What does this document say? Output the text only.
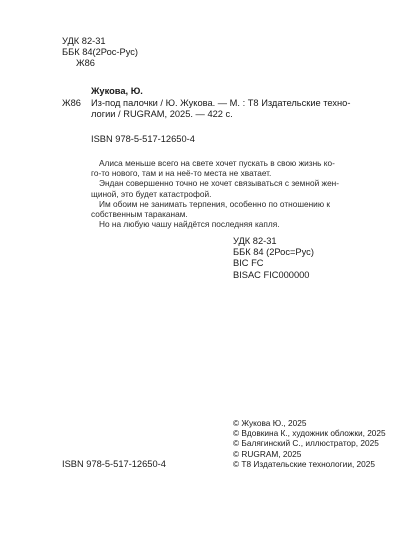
УДК 82-31
ББК 84(2Рос-Рус)
Ж86
Жукова, Ю.
Ж86 Из-под палочки / Ю. Жукова. — М. : Т8 Издательские техно-
логии / RUGRAM, 2025. — 422 с.
ISBN 978-5-517-12650-4
Алиса меньше всего на свете хочет пускать в свою жизнь ко-
го-то нового, там и на неё-то места не хватает.
Эндан совершенно точно не хочет связываться с земной жен-
щиной, это будет катастрофой.
Им обоим не занимать терпения, особенно по отношению к
собственным тараканам.
Но на любую чашу найдётся последняя капля.
УДК 82-31
ББК 84 (2Рос=Рус)
BIC FC
BISAC FIC000000
© Жукова Ю., 2025
© Вдовкина К., художник обложки, 2025
© Балягинский С., иллюстратор, 2025
© RUGRAM, 2025
© Т8 Издательские технологии, 2025
ISBN 978-5-517-12650-4
